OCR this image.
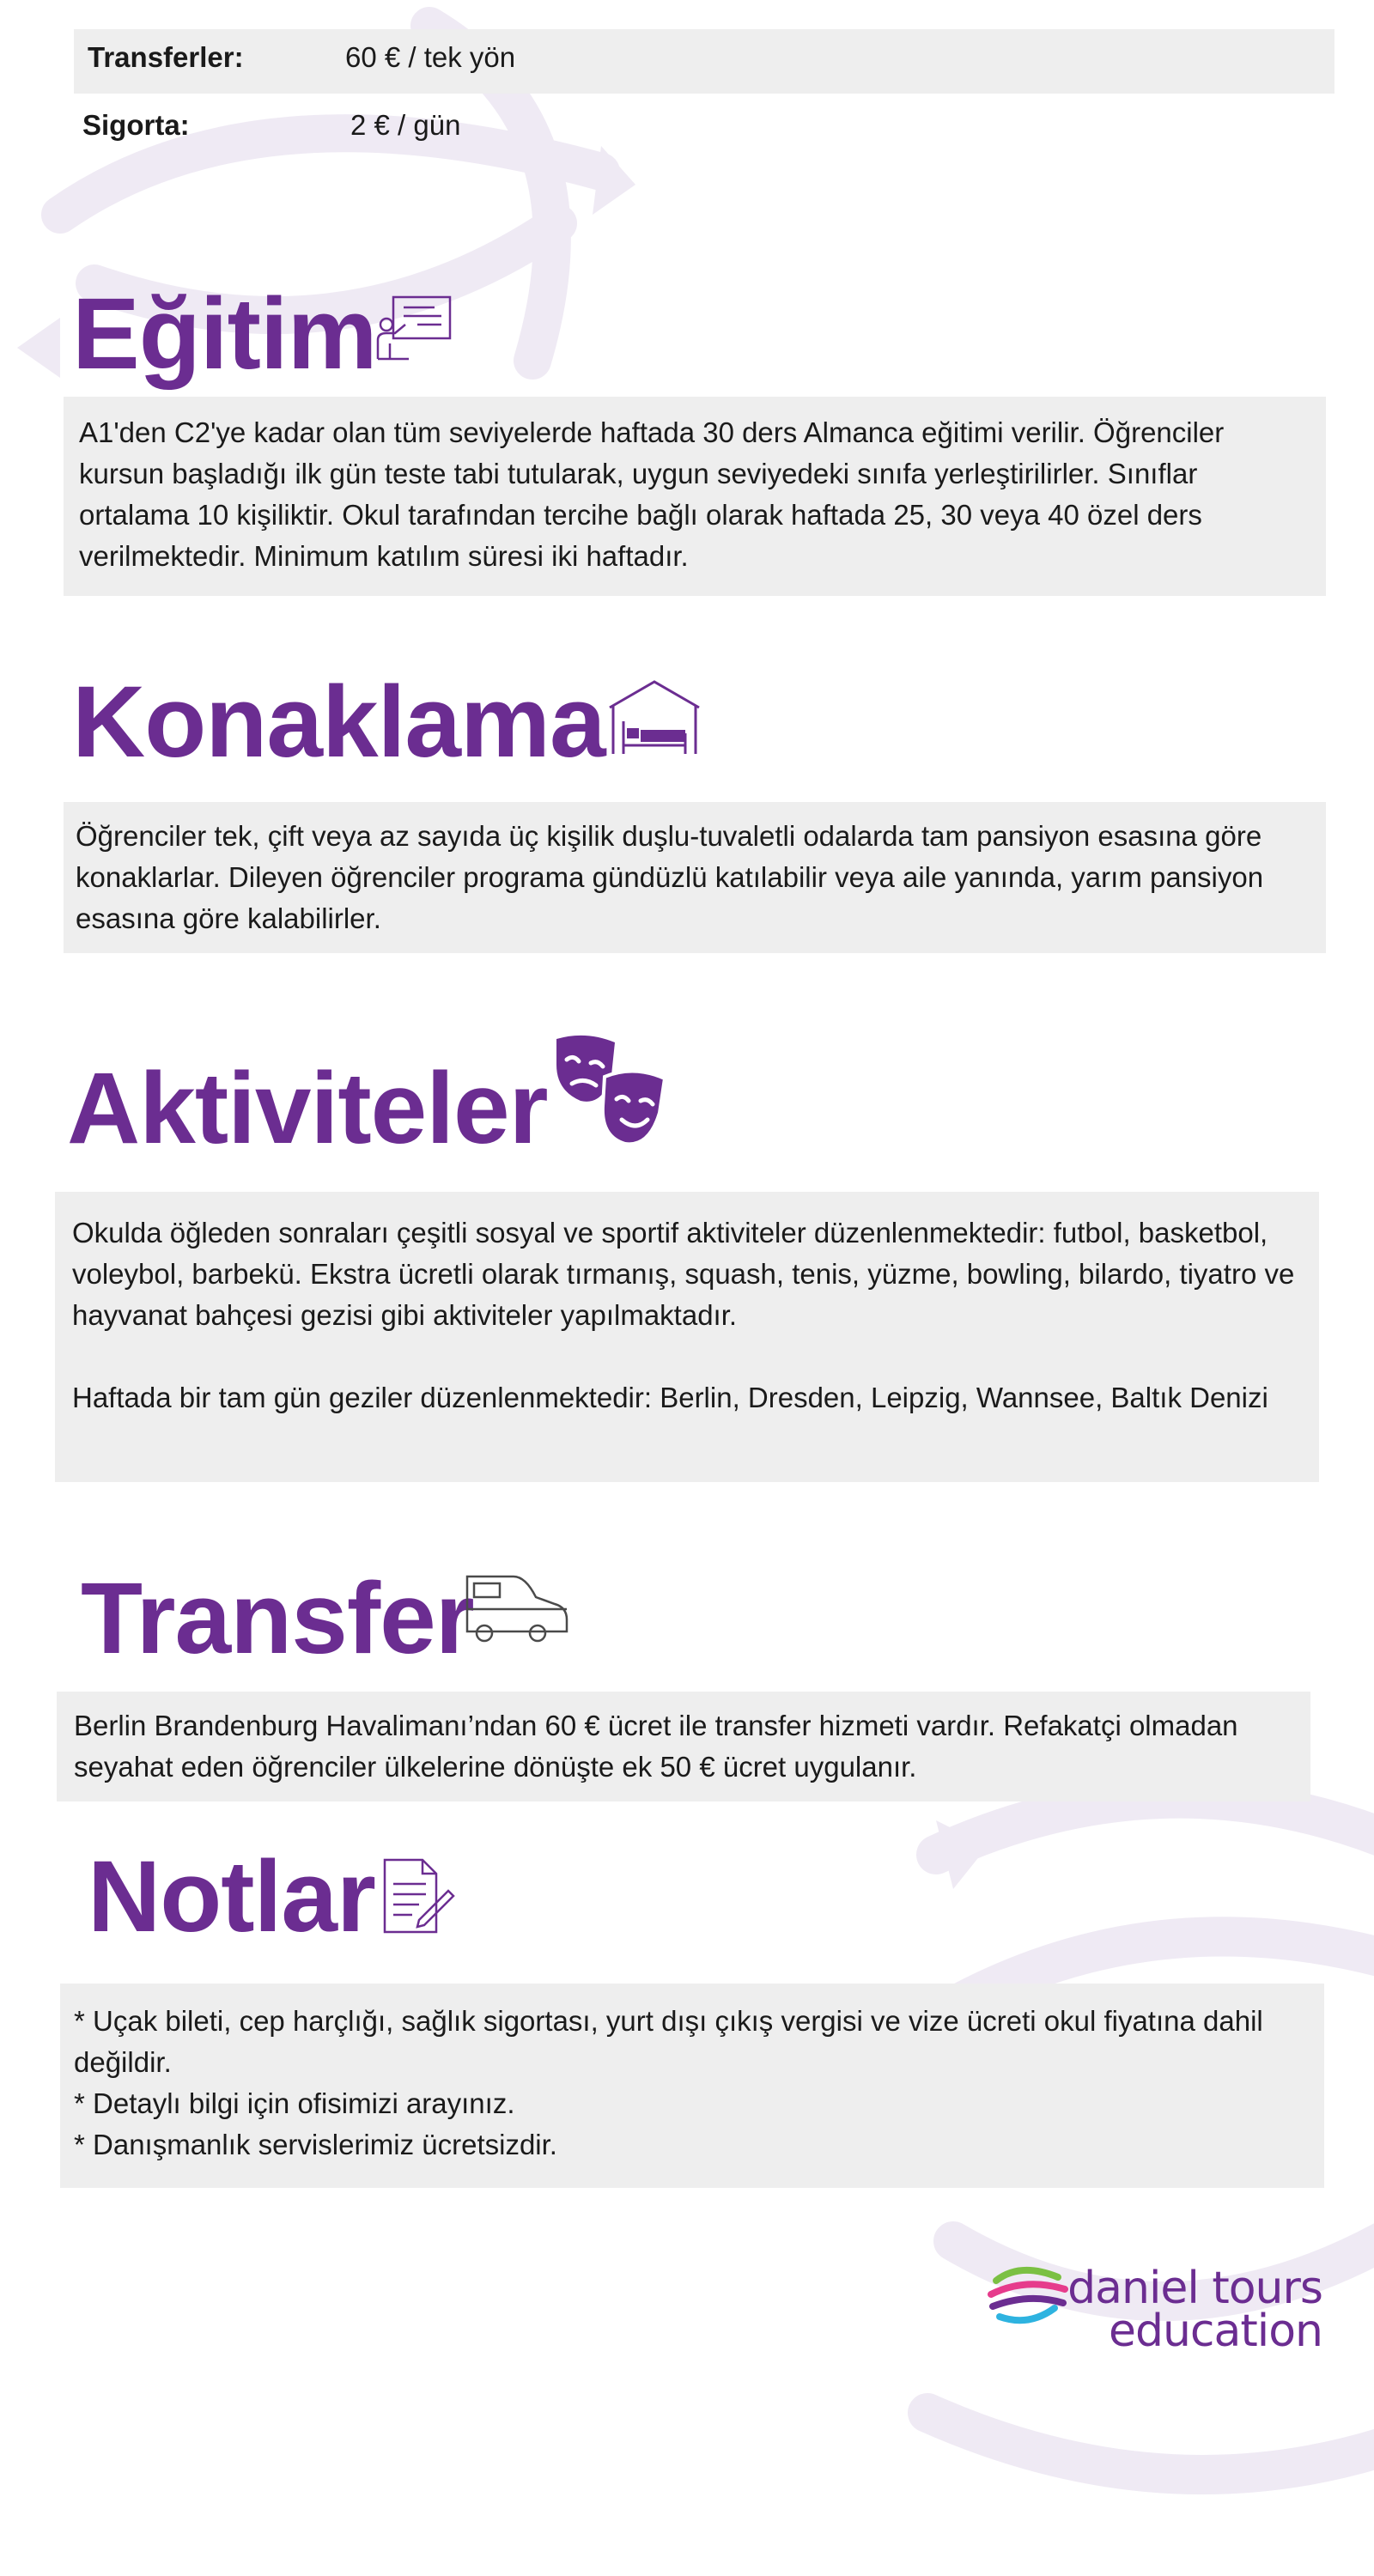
Transferler:	60 € / tek yön
Sigorta:	2 € / gün
Eğitim

A1'den C2'ye kadar olan tüm seviyelerde haftada 30 ders Almanca eğitimi verilir. Öğrenciler kursun başladığı ilk gün teste tabi tutularak, uygun seviyedeki sınıfa yerleştirilirler. Sınıflar ortalama 10 kişiliktir. Okul tarafından tercihe bağlı olarak haftada 25, 30 veya 40 özel ders verilmektedir. Minimum katılım süresi iki haftadır.

Konaklama

Öğrenciler tek, çift veya az sayıda üç kişilik duşlu-tuvaletli odalarda tam pansiyon esasına göre konaklarlar. Dileyen öğrenciler programa gündüzlü katılabilir veya aile yanında, yarım pansiyon esasına göre kalabilirler.

Aktiviteler

Okulda öğleden sonraları çeşitli sosyal ve sportif aktiviteler düzenlenmektedir: futbol, basketbol, voleybol, barbekü. Ekstra ücretli olarak tırmanış, squash, tenis, yüzme, bowling, bilardo, tiyatro ve hayvanat bahçesi gezisi gibi aktiviteler yapılmaktadır.

Haftada bir tam gün geziler düzenlenmektedir: Berlin, Dresden, Leipzig, Wannsee, Baltık Denizi

Transfer

Berlin Brandenburg Havalimanı’ndan 60 € ücret ile transfer hizmeti vardır. Refakatçi olmadan seyahat eden öğrenciler ülkelerine dönüşte ek 50 € ücret uygulanır.

Notlar

* Uçak bileti, cep harçlığı, sağlık sigortası, yurt dışı çıkış vergisi ve vize ücreti okul fiyatına dahil değildir.

* Detaylı bilgi için ofisimizi arayınız.

* Danışmanlık servislerimiz ücretsizdir.

daniel tours
education
